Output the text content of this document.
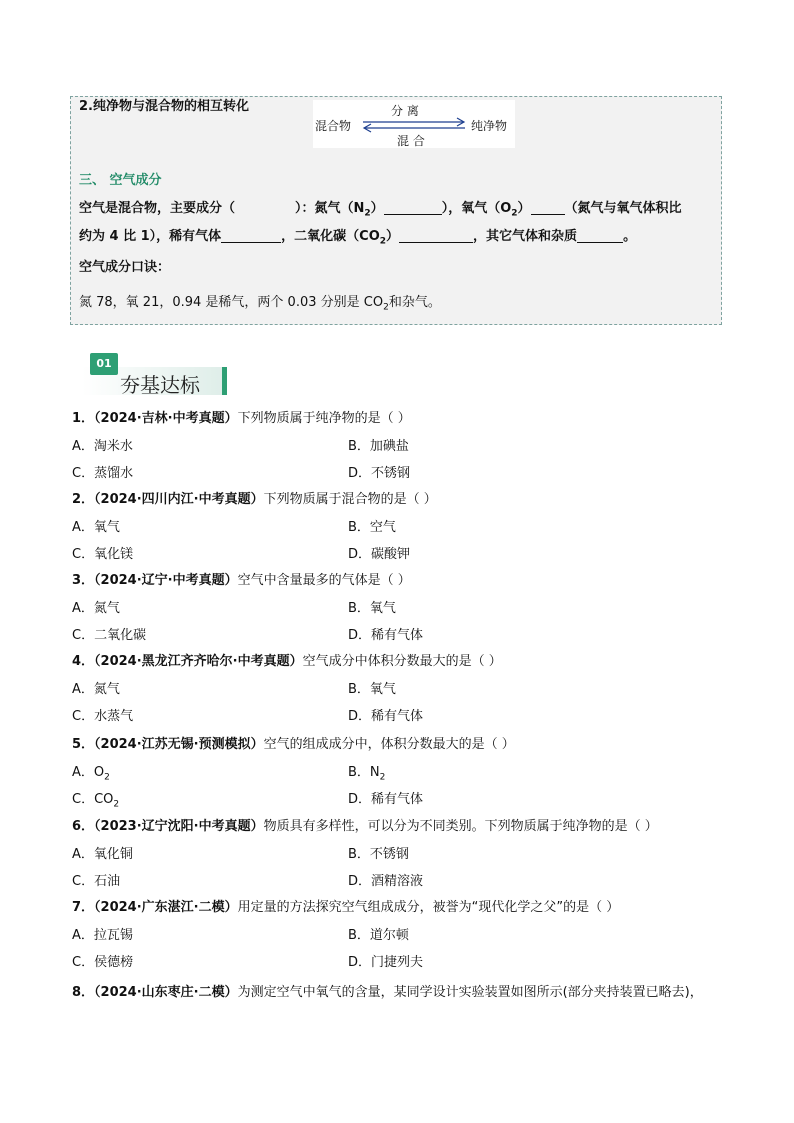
2.纯净物与混合物的相互转化	分 离
混合物	纯净物
混 合
三、 空气成分
空气是混合物，主要成分（	）：氮气$(N_2)$	），氧气$(O_2)$	（氮气与氧气体积比
约为 4 比 1），稀有气体	，二氧化碳$(CO_2)$	，其它气体和杂质	。
空气成分口诀：
氮 78，氧 21，0.94 是稀气，两个 0.03 分别是 $CO_2$和杂气。
01
夯基达标
1．（2024·吉林·中考真题）下列物质属于纯净物的是（ ）
A．淘米水	B．加碘盐
C．蒸馏水	D．不锈钢
2．（2024·四川内江·中考真题）下列物质属于混合物的是（ ）
A．氧气	B．空气
C．氧化镁	D．碳酸钾
3．（2024·辽宁·中考真题）空气中含量最多的气体是（ ）
A．氮气	B．氧气
C．二氧化碳	D．稀有气体
4．（2024·黑龙江齐齐哈尔·中考真题）空气成分中体积分数最大的是（ ）
A．氮气	B．氧气
C．水蒸气	D．稀有气体
5．（2024·江苏无锡·预测模拟）空气的组成成分中，体积分数最大的是（ ）
A．$O_2$	B．$N_2$
C．$CO_2$	D．稀有气体
6．（2023·辽宁沈阳·中考真题）物质具有多样性，可以分为不同类别。下列物质属于纯净物的是（ ）
A．氧化铜	B．不锈钢
C．石油	D．酒精溶液
7．（2024·广东湛江·二模）用定量的方法探究空气组成成分，被誉为“现代化学之父”的是（ ）
A．拉瓦锡	B．道尔顿
C．侯德榜	D．门捷列夫
8．（2024·山东枣庄·二模）为测定空气中氧气的含量，某同学设计实验装置如图所示(部分夹持装置已略去)，
